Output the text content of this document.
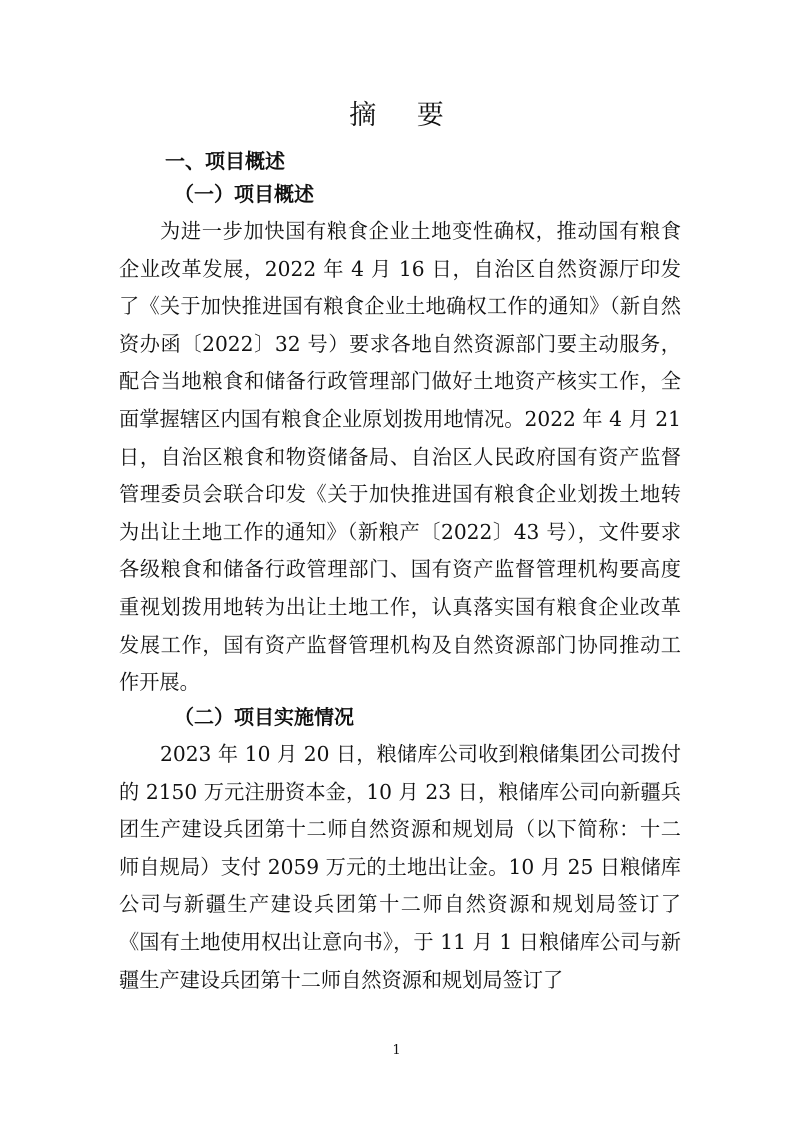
摘 要
一、项目概述
（一）项目概述

为进一步加快国有粮食企业土地变性确权，推动国有粮食企业改革发展，2022 年 4 月 16 日，自治区自然资源厅印发了《关于加快推进国有粮食企业土地确权工作的通知》（新自然资办函〔2022〕32 号）要求各地自然资源部门要主动服务，配合当地粮食和储备行政管理部门做好土地资产核实工作，全面掌握辖区内国有粮食企业原划拨用地情况。2022 年 4 月 21 日，自治区粮食和物资储备局、自治区人民政府国有资产监督管理委员会联合印发《关于加快推进国有粮食企业划拨土地转为出让土地工作的通知》（新粮产〔2022〕43 号），文件要求各级粮食和储备行政管理部门、国有资产监督管理机构要高度重视划拨用地转为出让土地工作，认真落实国有粮食企业改革发展工作，国有资产监督管理机构及自然资源部门协同推动工作开展。

（二）项目实施情况

2023 年 10 月 20 日，粮储库公司收到粮储集团公司拨付的 2150 万元注册资本金，10 月 23 日，粮储库公司向新疆兵团生产建设兵团第十二师自然资源和规划局（以下简称：十二师自规局）支付 2059 万元的土地出让金。10 月 25 日粮储库公司与新疆生产建设兵团第十二师自然资源和规划局签订了《国有土地使用权出让意向书》，于 11 月 1 日粮储库公司与新疆生产建设兵团第十二师自然资源和规划局签订了

1
